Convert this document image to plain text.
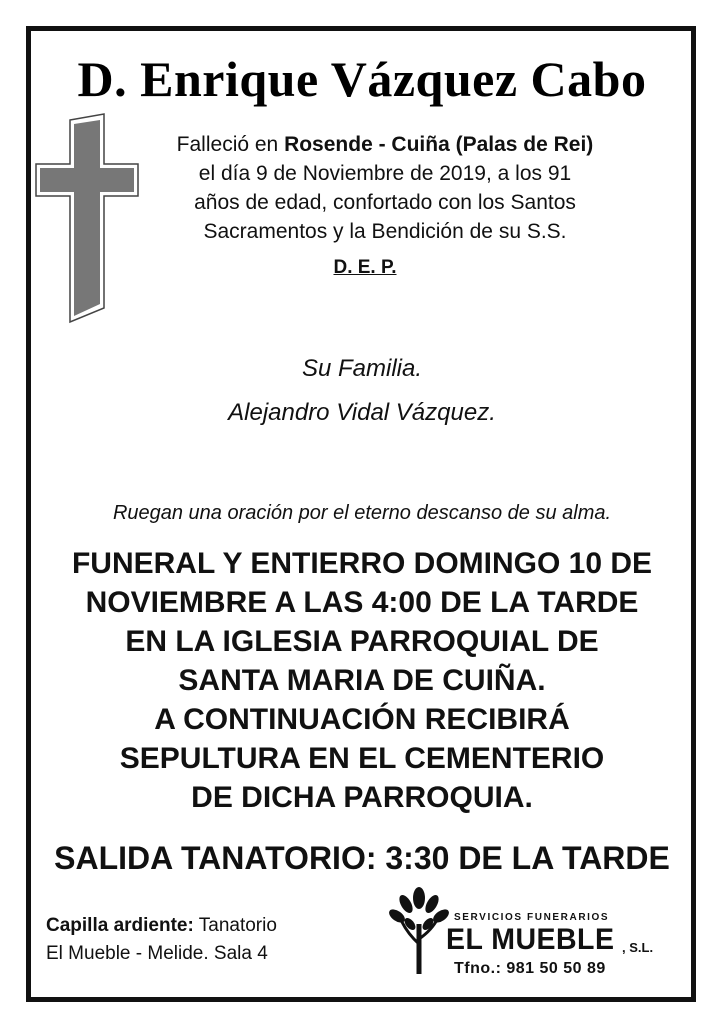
D. Enrique Vázquez Cabo
Falleció en Rosende - Cuiña (Palas de Rei)
el día 9 de Noviembre de 2019, a los 91
años de edad, confortado con los Santos
Sacramentos y la Bendición de su S.S.
D. E. P.
Su Familia.
Alejandro Vidal Vázquez.
Ruegan una oración por el eterno descanso de su alma.
FUNERAL Y ENTIERRO DOMINGO 10 DE
NOVIEMBRE A LAS 4:00 DE LA TARDE
EN LA IGLESIA PARROQUIAL DE
SANTA MARIA DE CUIÑA.
A CONTINUACIÓN RECIBIRÁ
SEPULTURA EN EL CEMENTERIO
DE DICHA PARROQUIA.
SALIDA TANATORIO: 3:30 DE LA TARDE
Capilla ardiente: Tanatorio
El Mueble - Melide. Sala 4
SERVICIOS FUNERARIOS
EL MUEBLE , S.L.
Tfno.: 981 50 50 89
